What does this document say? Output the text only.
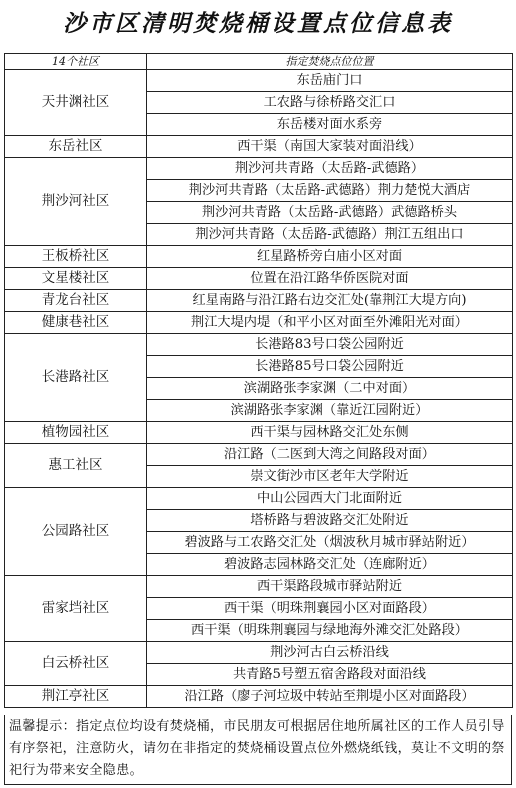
沙市区清明焚烧桶设置点位信息表
14个社区	指定焚烧点位位置
天井渊社区	东岳庙门口
	工农路与徐桥路交汇口
	东岳楼对面水系旁
东岳社区	西干渠（南国大家装对面沿线）
荆沙河社区	荆沙河共青路（太岳路-武德路）
	荆沙河共青路（太岳路-武德路）荆力楚悦大酒店
	荆沙河共青路（太岳路-武德路）武德路桥头
	荆沙河共青路（太岳路-武德路）荆江五组出口
王板桥社区	红星路桥旁白庙小区对面
文星楼社区	位置在沿江路华侨医院对面
青龙台社区	红星南路与沿江路右边交汇处(靠荆江大堤方向)
健康巷社区	荆江大堤内堤（和平小区对面至外滩阳光对面）
长港路社区	长港路83号口袋公园附近
	长港路85号口袋公园附近
	滨湖路张李家渊（二中对面）
	滨湖路张李家渊（靠近江园附近）
植物园社区	西干渠与园林路交汇处东侧
惠工社区	沿江路（二医到大湾之间路段对面）
	崇文街沙市区老年大学附近
公园路社区	中山公园西大门北面附近
	塔桥路与碧波路交汇处附近
	碧波路与工农路交汇处（烟波秋月城市驿站附近）
	碧波路志园林路交汇处（连廊附近）
雷家垱社区	西干渠路段城市驿站附近
	西干渠（明珠荆襄园小区对面路段）
	西干渠（明珠荆襄园与绿地海外滩交汇处路段）
白云桥社区	荆沙河古白云桥沿线
	共青路5号塑五宿舍路段对面沿线
荆江亭社区	沿江路（廖子河垃圾中转站至荆堤小区对面路段）
温馨提示：指定点位均设有焚烧桶，市民朋友可根据居住地所属社区的工作人员引导有序祭祀，注意防火，请勿在非指定的焚烧桶设置点位外燃烧纸钱，莫让不文明的祭祀行为带来安全隐患。
